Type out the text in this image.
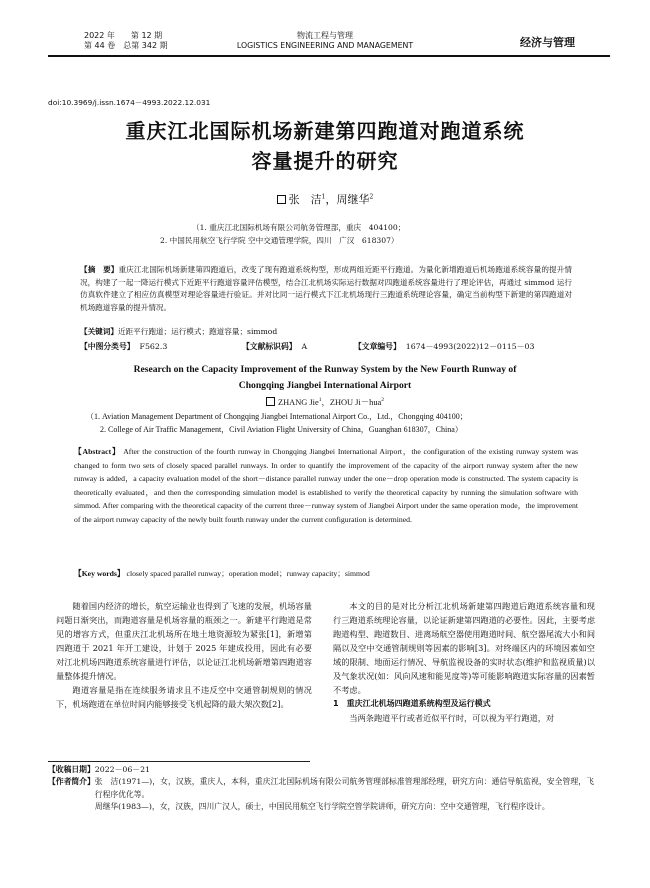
2022 年　　第 12 期
第 44 卷　总第 342 期
物流工程与管理
LOGISTICS ENGINEERING AND MANAGEMENT	经济与管理
doi:10.3969/j.issn.1674－4993.2022.12.031
重庆江北国际机场新建第四跑道对跑道系统
容量提升的研究
张　洁$^1$，周继华$^2$
（1. 重庆江北国际机场有限公司航务管理部，重庆　404100；
2. 中国民用航空飞行学院 空中交通管理学院，四川　广汉　618307）
【摘　要】重庆江北国际机场新建第四跑道后，改变了现有跑道系统构型，形成两组近距平行跑道。为量化新增跑道后机场跑道系统容量的提升情况，构建了一起一降运行模式下近距平行跑道容量评估模型，结合江北机场实际运行数据对四跑道系统容量进行了理论评估，再通过 simmod 运行仿真软件建立了相应仿真模型对理论容量进行验证。并对比同一运行模式下江北机场现行三跑道系统理论容量，确定当前构型下新建的第四跑道对机场跑道容量的提升情况。
【关键词】近距平行跑道；运行模式；跑道容量；simmod
【中图分类号】 F562.3	【文献标识码】 A	【文章编号】 1674－4993(2022)12－0115－03
Research on the Capacity Improvement of the Runway System by the New Fourth Runway of
Chongqing Jiangbei International Airport
ZHANG Jie$^1$，ZHOU Ji－hua$^2$
（1. Aviation Management Department of Chongqing Jiangbei International Airport Co.，Ltd.，Chongqing 404100；
2. College of Air Traffic Management，Civil Aviation Flight University of China，Guanghan 618307，China）
【Abstract】 After the construction of the fourth runway in Chongqing Jiangbei International Airport，the configuration of the existing runway system was changed to form two sets of closely spaced parallel runways. In order to quantify the improvement of the capacity of the airport runway system after the new runway is added，a capacity evaluation model of the short－distance parallel runway under the one－drop operation mode is constructed. The system capacity is theoretically evaluated，and then the corresponding simulation model is established to verify the theoretical capacity by running the simulation software with simmod. After comparing with the theoretical capacity of the current three－runway system of Jiangbei Airport under the same operation mode，the improvement of the airport runway capacity of the newly built fourth runway under the current configuration is determined.
【Key words】 closely spaced parallel runway；operation model；runway capacity；simmod

随着国内经济的增长，航空运输业也得到了飞速的发展，机场容量问题日渐突出，而跑道容量是机场容量的瓶颈之一。新建平行跑道是常见的增容方式，但重庆江北机场所在地土地资源较为紧张[1]，新增第四跑道于 2021 年开工建设，计划于 2025 年建成投用，因此有必要对江北机场四跑道系统容量进行评估，以论证江北机场新增第四跑道容量整体提升情况。

跑道容量是指在连续服务请求且不违反空中交通管制规则的情况下，机场跑道在单位时间内能够接受飞机起降的最大架次数[2]。

本文的目的是对比分析江北机场新建第四跑道后跑道系统容量和现行三跑道系统理论容量，以论证新建第四跑道的必要性。因此，主要考虑跑道构型、跑道数目、进离场航空器使用跑道时间、航空器尾流大小和间隔以及空中交通管制规则等因素的影响[3]。对终端区内的环境因素如空域的限制、地面运行情况、导航监视设备的实时状态(维护和监视质量)以及气象状况(如：风向风速和能见度等)等可能影响跑道实际容量的因素暂不考虑。

1　重庆江北机场四跑道系统构型及运行模式

当两条跑道平行或者近似平行时，可以视为平行跑道，对

【收稿日期】2022－06－21
【作者简介】 张　洁(1971—)，女，汉族，重庆人，本科，重庆江北国际机场有限公司航务管理部标准管理部经理，研究方向：通信导航监视，安全管理，飞行程序优化等。
周继华(1983—)，女，汉族，四川广汉人，硕士，中国民用航空飞行学院空管学院讲师，研究方向：空中交通管理，飞行程序设计。
